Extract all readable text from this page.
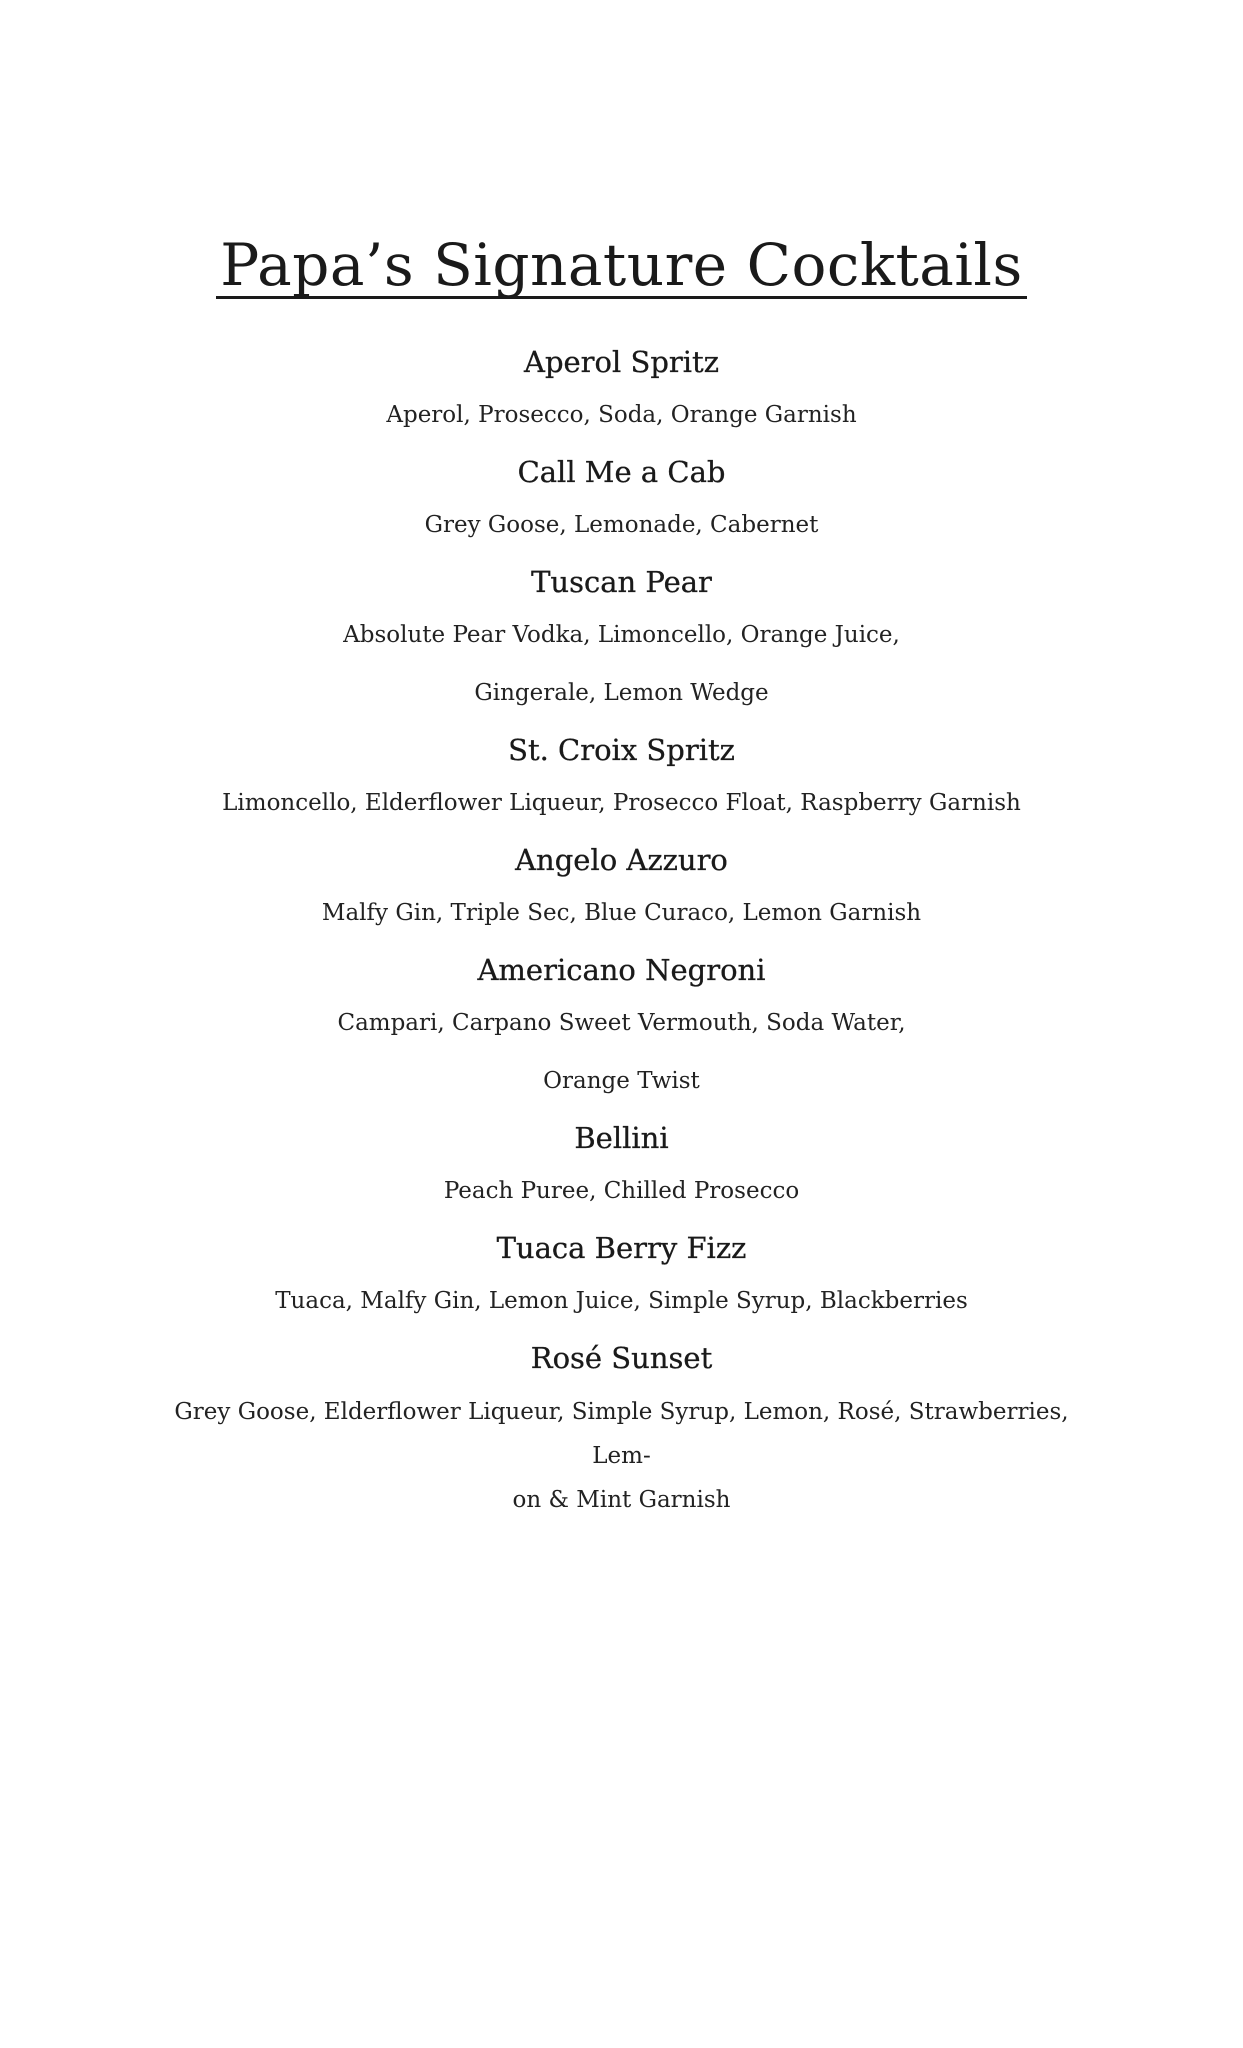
Papa’s Signature Cocktails

Aperol Spritz

Aperol, Prosecco, Soda, Orange Garnish

Call Me a Cab

Grey Goose, Lemonade, Cabernet

Tuscan Pear

Absolute Pear Vodka, Limoncello, Orange Juice,

Gingerale, Lemon Wedge

St. Croix Spritz

Limoncello, Elderflower Liqueur, Prosecco Float, Raspberry Garnish

Angelo Azzuro

Malfy Gin, Triple Sec, Blue Curaco, Lemon Garnish

Americano Negroni

Campari, Carpano Sweet Vermouth, Soda Water,

Orange Twist

Bellini

Peach Puree, Chilled Prosecco

Tuaca Berry Fizz

Tuaca, Malfy Gin, Lemon Juice, Simple Syrup, Blackberries

Rosé Sunset

Grey Goose, Elderflower Liqueur, Simple Syrup, Lemon, Rosé, Strawberries, Lem-
on & Mint Garnish
